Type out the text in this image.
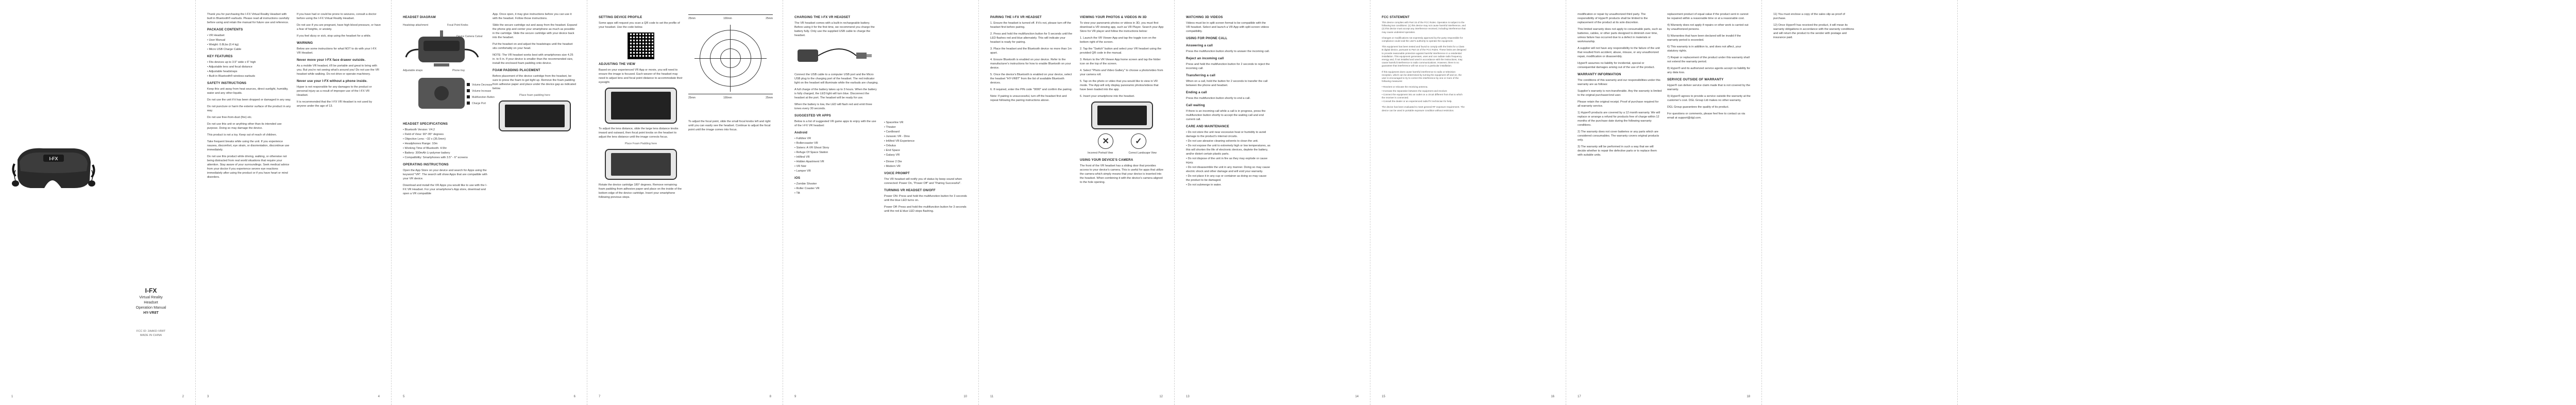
I-FX
I-FX
Virtual Reality
Headset
Operation Manual
HY-VR8T
FCC ID: 2AAKD-VR8T
MADE IN CHINA
1	2

Thank you for purchasing the I-FX Virtual Reality Headset with built in Bluetooth® earbuds. Please read all instructions carefully before using and retain the manual for future use and reference.

PACKAGE CONTENTS
• VR Headset
• User Manual
• Weight: 0.8Lbs (0.4 kg)
• Micro USB Charge Cable
KEY FEATURES
• Fits devices up to 3.5" wide x 6" high
• Adjustable lens and focal distance
• Adjustable headstraps
• Built in Bluetooth® wireless earbuds
SAFETY INSTRUCTIONS

Keep this unit away from heat sources, direct sunlight, humidity, water and any other liquids.

Do not use the unit if it has been dropped or damaged in any way.

Do not puncture or harm the exterior surface of the product in any way.

Do not use free-from-dust (fire) etc.

Do not use this unit or anything other than its intended use purpose. Doing so may damage the device.

This product is not a toy. Keep out of reach of children.

Take frequent breaks while using the unit. If you experience nausea, discomfort, eye strain, or disorientation, discontinue use immediately.

Do not use this product while driving, walking, or otherwise not being distracted from real world situations that require your attention. Stay aware of your surroundings. Seek medical advice from your doctor if you experience severe eye reactions immediately after using the product or if you have heart or mind disorders.

If you have had or could be prone to seizures, consult a doctor before using the I-FX Virtual Reality Headset.

Do not use if you are pregnant, have high blood pressure, or have a fear of heights, or anxiety.

If you feel dizzy or sick, stop using the headset for a while.

WARNING

Below are some instructions for what NOT to do with your I-FX VR Headset.

Never move your I-FX face drawer outside.

As a mobile VR headset, it'll be portable and great to bring with you. But you're not seeing what's around you! Do not use the VR headset while walking. Do not drive or operate machinery.

Never use your I-FX without a phone inside.

Hyper is not responsible for any damages to the product or personal injury as a result of improper use of the I-FX VR Headset.

It is recommended that the I-FX VR Headset is not used by anyone under the age of 13.

3	4
HEADSET DIAGRAM
Headstrap attachment	Focal Point Knobs
Device Camera Cutout
Adjustable straps	Phone tray
Volume Decrease
Volume Increase
Multifunction Button
Charge Port
HEADSET SPECIFICATIONS
• Bluetooth Version: V4.2
• Field of View: 90°-95° degrees
• Objective Lens: ~32 x (35.5mm)
• Headphones Range: 10m
• Working Time of Bluetooth: 4-5hr
• Battery: 300mAh Li-polymer battery
• Compatibility: Smartphones with 3.5" - 6" screens
OPERATING INSTRUCTIONS

Open the App Store on your device and search for Apps using the keyword "VR". The search will show Apps that are compatible with your VR device.

Download and install the VR Apps you would like to use with the I-FX VR Headset. For your smartphone's App store, download and open a VR compatible

App. Once open, it may give instructions before you can use it with the headset. Follow those instructions.

Slide the secure cartridge out and away from the headset. Expand the phone grip and center your smartphone as much as possible in the cartridge. Slide the secure cartridge with your device back into the headset.

Put the headset on and adjust the headstraps until the headset sits comfortably on your head.

NOTE: The VR headset works best with smartphones size 4.25 in. to 6 in. If your device is smaller than the recommended size, install the enclosed foam padding onto device.

FOAM PADDING PLACEMENT

Before placement of the device cartridge from the headset, be sure to press the foam to get tight up. Remove the foam padding from adhesive paper and place under the device gap as indicated below.

Place foam padding here
5	6
SETTING DEVICE PROFILE

Some apps will request you scan a QR code to set the profile of your headset. Use the code below.

ADJUSTING THE VIEW

Based on your experienced VR App or movie, you will need to ensure the image is focused. Each wearer of the headset may need to adjust lens and focal point distance to accommodate their eyesight.

To adjust the lens distance, slide the large lens distance knobs inward and outward, then focal point knobs on the headset to adjust the lens distance until the image corrects focus.

Place Foam Padding here

Rotate the device cartridge 180° degrees. Remove remaining foam padding from adhesive paper and place on the inside of the bottom edge of the device cartridge. Insert your smartphone following previous steps.

25mm	100mm	25mm
25mm	100mm	25mm

To adjust the focal point, slide the small focal knobs left and right until you can easily see the headset. Continue to adjust the focal point until the image comes into focus.

7	8
CHARGING THE I-FX VR HEADSET

The VR headset comes with a built-in rechargeable battery. Before using it for the first time, we recommend you charge the battery fully. Only use the supplied USB cable to charge the headset.

Connect the USB cable to a computer USB port and the Micro USB plug to the charging port of the headset. The red indicator light on the headset will illuminate while the earbuds are charging.

A full charge of the battery takes up to 3 hours. When the battery is fully charged, the LED light will turn blue. Disconnect the headset at the port. The headset will be ready for use.

When the battery is low, the LED will flash red and emit three tones every 30 seconds.

SUGGESTED VR APPS

Below is a list of suggested VR game apps to enjoy with the use of the I-FX VR headset:

Android
• Fulldive VR
• Rollercoaster VR
• Sisters: A VR Ghost Story
• Refuge Of Space Station
• InMind VR
• Hidden Apartment VR
• VR Noir
• Lamper VR
iOS
• Zombie Shooter
• Roller Coaster VR
• Tilt
• Spaceline VR
• Theater
• Cardboard
• Jurassic VR - Dino
• InMind VR Experience
• Orbulus
• End Space
• Galaxy VR
• Dinner 2 Die
• Modern VR
VOICE PROMPT

The VR headset will notify you of status by beep sound when connected: Power On, "Power Off" and "Pairing Successful".

TURNING VR HEADSET ON/OFF

Power ON: Press and hold the multifunction button for 3 seconds until the blue LED turns on.

Power Off: Press and hold the multifunction button for 3 seconds until the red & blue LED stops flashing.

9	10
PAIRING THE I-FX VR HEADSET

1. Ensure the headset is turned off. If it's not, please turn off the headset first before pairing.

2. Press and hold the multifunction button for 5 seconds until the LED flashes red and blue alternately. This will indicate your headset is ready for pairing.

3. Place the headset and the Bluetooth device no more than 1m apart.

4. Ensure Bluetooth is enabled on your device. Refer to the manufacturer's instructions for how to enable Bluetooth on your device.

5. Once the device's Bluetooth is enabled on your device, select the headset "HY-VR8T" from the list of available Bluetooth devices.

6. If required, enter the PIN code "0000" and confirm the pairing.

Note: If pairing is unsuccessful, turn off the headset first and repeat following the pairing instructions above.

VIEWING YOUR PHOTOS & VIDEOS IN 3D

To view your panoramic photos or videos in 3D, you must first download a VR viewing app, such as VR Player. Search your App Store for VR player and follow the instructions below:

1. Launch the VR Viewer App and tap the toggle icon on the bottom right of the screen.

2. Tap the "Switch" button and select your VR headset using the provided QR code in the manual.

3. Return to the VR Viewer App home screen and tap the folder icon on the top of the screen.

4. Select "Photo and Video Gallery" to choose a photo/video from your camera roll.

5. Tap on the photo or video that you would like to view in VR mode. The App will only display panoramic photos/videos that have been loaded into the app.

6. Insert your smartphone into the headset.

✕	✓
Incorrect Portrait View	Correct Landscape View
USING YOUR DEVICE'S CAMERA

The front of the VR headset has a sliding door that provides access to your device's camera. This is useful for apps that utilize the camera which simply means that your device is inserted into the headset. When combining it with the device's camera aligned to the hole opening.

11	12
WATCHING 3D VIDEOS

Videos must be in split screen format to be compatible with the VR headset. Select and launch a VR App with split screen videos compatibility.

USING FOR PHONE CALL
Answering a call

Press the multifunction button shortly to answer the incoming call.

Reject an incoming call

Press and hold the multifunction button for 2 seconds to reject the incoming call.

Transferring a call

When on a call, hold the button for 2 seconds to transfer the call between the phone and headset.

Ending a call

Press the multifunction button shortly to end a call.

Call waiting

If there is an incoming call while a call is in progress, press the multifunction button shortly to accept the waiting call and end current call.

CARE AND MAINTENANCE
• Do not store the unit near excessive heat or humidity to avoid damage to the product's internal circuits.
• Do not use abrasive cleaning solvents to clean the unit.
• Do not expose the unit to extremely high or low temperatures, as this will shorten the life of electronic devices, deplete the battery, and/or distort certain plastic parts.
• Do not dispose of the unit in fire as they may explode or cause injury.
• Do not disassemble the unit in any manner. Doing so may cause electric shock and other damage and will void your warranty.
• Do not place it in any cup or container as doing so may cause the product to be damaged.
• Do not submerge in water.
13	14
FCC STATEMENT

This device complies with Part 15 of the FCC Rules. Operation is subject to the following two conditions: (1) this device may not cause harmful interference, and (2) this device must accept any interference received, including interference that may cause undesired operation.

Changes or modifications not expressly approved by the party responsible for compliance could void the user's authority to operate the equipment.

This equipment has been tested and found to comply with the limits for a Class B digital device, pursuant to Part 15 of the FCC Rules. These limits are designed to provide reasonable protection against harmful interference in a residential installation. This equipment generates, uses and can radiate radio frequency energy and, if not installed and used in accordance with the instructions, may cause harmful interference to radio communications. However, there is no guarantee that interference will not occur in a particular installation.

If this equipment does cause harmful interference to radio or television reception, which can be determined by turning the equipment off and on, the user is encouraged to try to correct the interference by one or more of the following measures:

• Reorient or relocate the receiving antenna.
• Increase the separation between the equipment and receiver.
• Connect the equipment into an outlet on a circuit different from that to which the receiver is connected.
• Consult the dealer or an experienced radio/TV technician for help.

The device has been evaluated to meet general RF exposure requirement. The device can be used in portable exposure condition without restriction.

15	16

modification or repair by unauthorized third party. The responsibility of Hyper® products shall be limited to the replacement of the product at its sole discretion.

This limited warranty does not apply to consumable parts, such as batteries, cables, or other parts designed to diminish over time, unless failure has occurred due to a defect in materials or workmanship.

A supplier will not have any responsibility to the failure of the unit that resulted from accident, abuse, misuse, or any unauthorized repair, modification or disassembly.

Hyper® assumes no liability for incidental, special or consequential damages arising out of the use of the product.

WARRANTY INFORMATION

The conditions of this warranty and our responsibilities under this warranty are as follows:

Supplier's warranty is non-transferable. Any the warranty is limited to the original purchaser/end user.

Please retain the original receipt. Proof of purchase required for all warranty service.

1) Hyper® products are covered by a 12 month warranty. We will replace or arrange a refund for products free of charge within 12 months of the purchase date during the following warranty conditions.

2) The warranty does not cover batteries or any parts which are considered consumables. The warranty covers original products only.

3) The warranty will be performed in such a way that we will decide whether to repair the defective parts or to replace them with suitable units.

replacement product of equal value if the product sent in cannot be repaired within a reasonable time or at a reasonable cost.

4) Warranty does not apply if repairs or other work is carried out by unauthorized persons.

5) Warranties that have been declared will be invalid if the warranty period is exceeded.

6) This warranty is in addition to, and does not affect, your statutory rights.

7) Repair or replacement of the product under this warranty shall not extend the warranty period.

8) Hyper® and its authorized service agents accept no liability for any data loss.

SERVICE OUTSIDE OF WARRANTY

Hyper® can deliver service claim made that is not covered by the warranty.

9) Hyper® agrees to provide a service outside the warranty at the customer's cost. DGL Group Ltd makes no other warranty.

DGL Group guarantees the quality of its product.

For questions or comments, please feel free to contact us via email at support@dgl.com.

17	18

11) You must enclose a copy of the sales slip as proof of purchase.

12) Once Hyper® has received the product, it will mean its warranty obligations in accordance with the warranty conditions and will return the product to the sender with postage and insurance paid.
